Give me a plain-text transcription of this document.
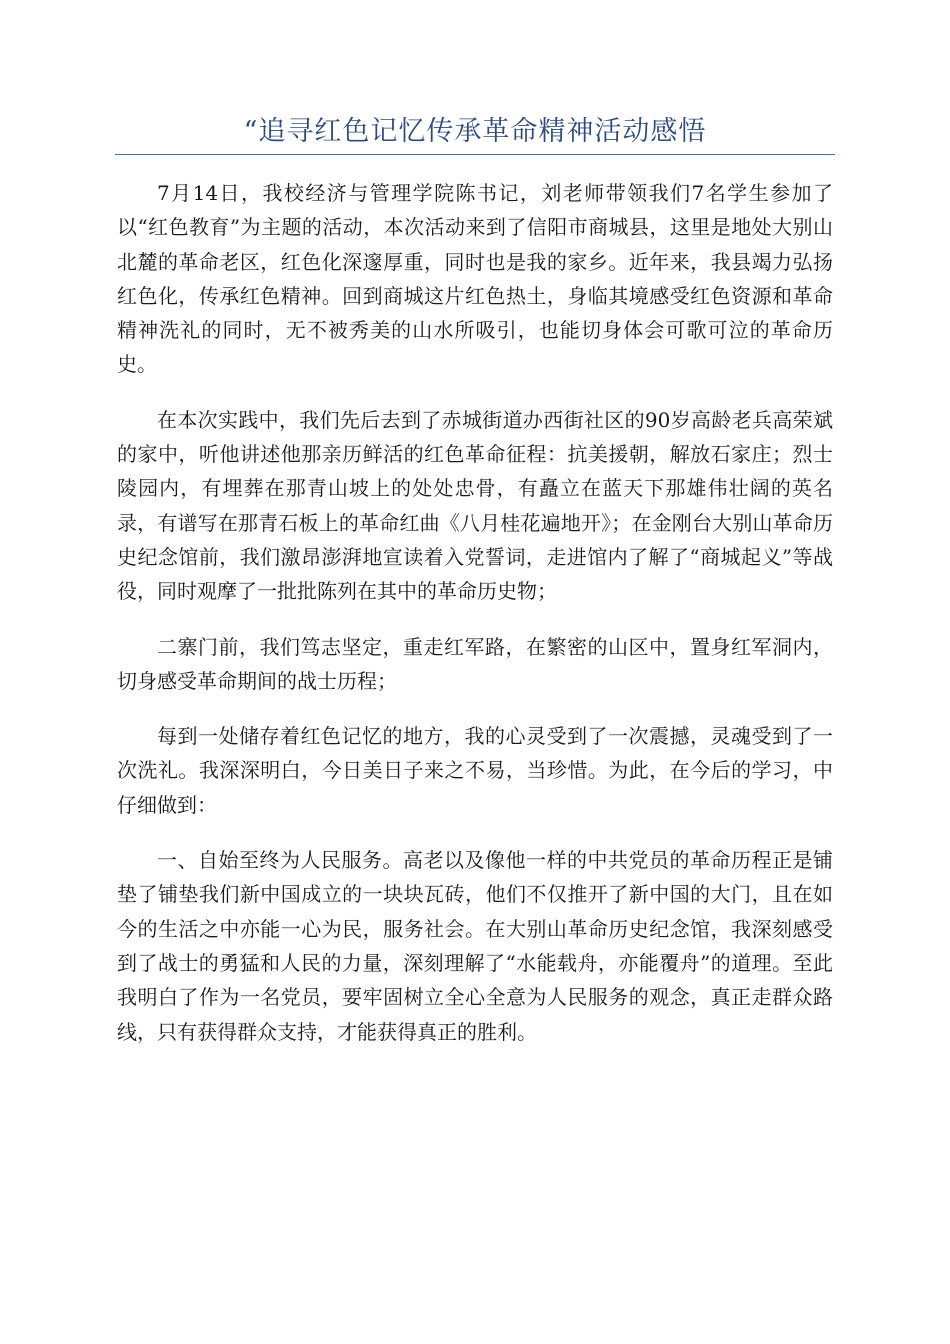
“追寻红色记忆传承革命精神活动感悟

7月14日，我校经济与管理学院陈书记，刘老师带领我们7名学生参加了以“红色教育”为主题的活动，本次活动来到了信阳市商城县，这里是地处大别山北麓的革命老区，红色化深邃厚重，同时也是我的家乡。近年来，我县竭力弘扬红色化，传承红色精神。回到商城这片红色热土，身临其境感受红色资源和革命精神洗礼的同时，无不被秀美的山水所吸引，也能切身体会可歌可泣的革命历史。

在本次实践中，我们先后去到了赤城街道办西街社区的90岁高龄老兵高荣斌的家中，听他讲述他那亲历鲜活的红色革命征程：抗美援朝，解放石家庄；烈士陵园内，有埋葬在那青山坡上的处处忠骨，有矗立在蓝天下那雄伟壮阔的英名录，有谱写在那青石板上的革命红曲《八月桂花遍地开》；在金刚台大别山革命历史纪念馆前，我们激昂澎湃地宣读着入党誓词，走进馆内了解了“商城起义”等战役，同时观摩了一批批陈列在其中的革命历史物；

二寨门前，我们笃志坚定，重走红军路，在繁密的山区中，置身红军洞内，切身感受革命期间的战士历程；

每到一处储存着红色记忆的地方，我的心灵受到了一次震撼，灵魂受到了一次洗礼。我深深明白，今日美日子来之不易，当珍惜。为此，在今后的学习，中仔细做到：

一、自始至终为人民服务。高老以及像他一样的中共党员的革命历程正是铺垫了铺垫我们新中国成立的一块块瓦砖，他们不仅推开了新中国的大门，且在如今的生活之中亦能一心为民，服务社会。在大别山革命历史纪念馆，我深刻感受到了战士的勇猛和人民的力量，深刻理解了“水能载舟，亦能覆舟”的道理。至此我明白了作为一名党员，要牢固树立全心全意为人民服务的观念，真正走群众路线，只有获得群众支持，才能获得真正的胜利。
